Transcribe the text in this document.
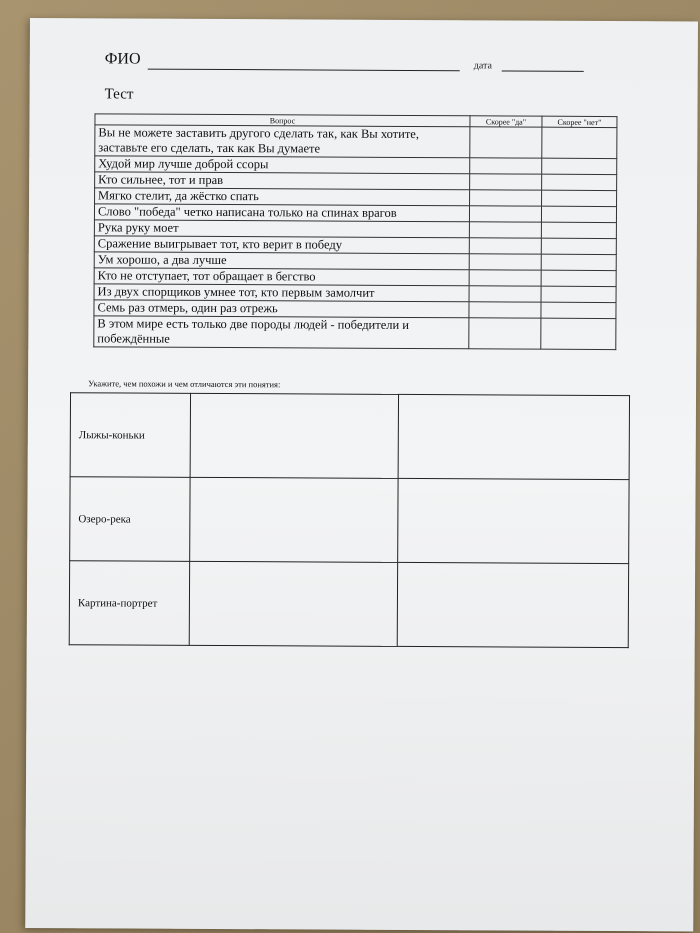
ФИО	дата
Тест
Вопрос	Скорее "да"	Скорее "нет"
Вы не можете заставить другого сделать так, как Вы хотите, заставьте его сделать, так как Вы думаете		
Худой мир лучше доброй ссоры		
Кто сильнее, тот и прав		
Мягко стелит, да жёстко спать		
Слово "победа" четко написана только на спинах врагов		
Рука руку моет		
Сражение выигрывает тот, кто верит в победу		
Ум хорошо, а два лучше		
Кто не отступает, тот обращает в бегство		
Из двух спорщиков умнее тот, кто первым замолчит		
Семь раз отмерь, один раз отрежь		
В этом мире есть только две породы людей - победители и побеждённые		
Укажите, чем похожи и чем отличаются эти понятия:
Лыжы-коньки		
Озеро-река		
Картина-портрет		
